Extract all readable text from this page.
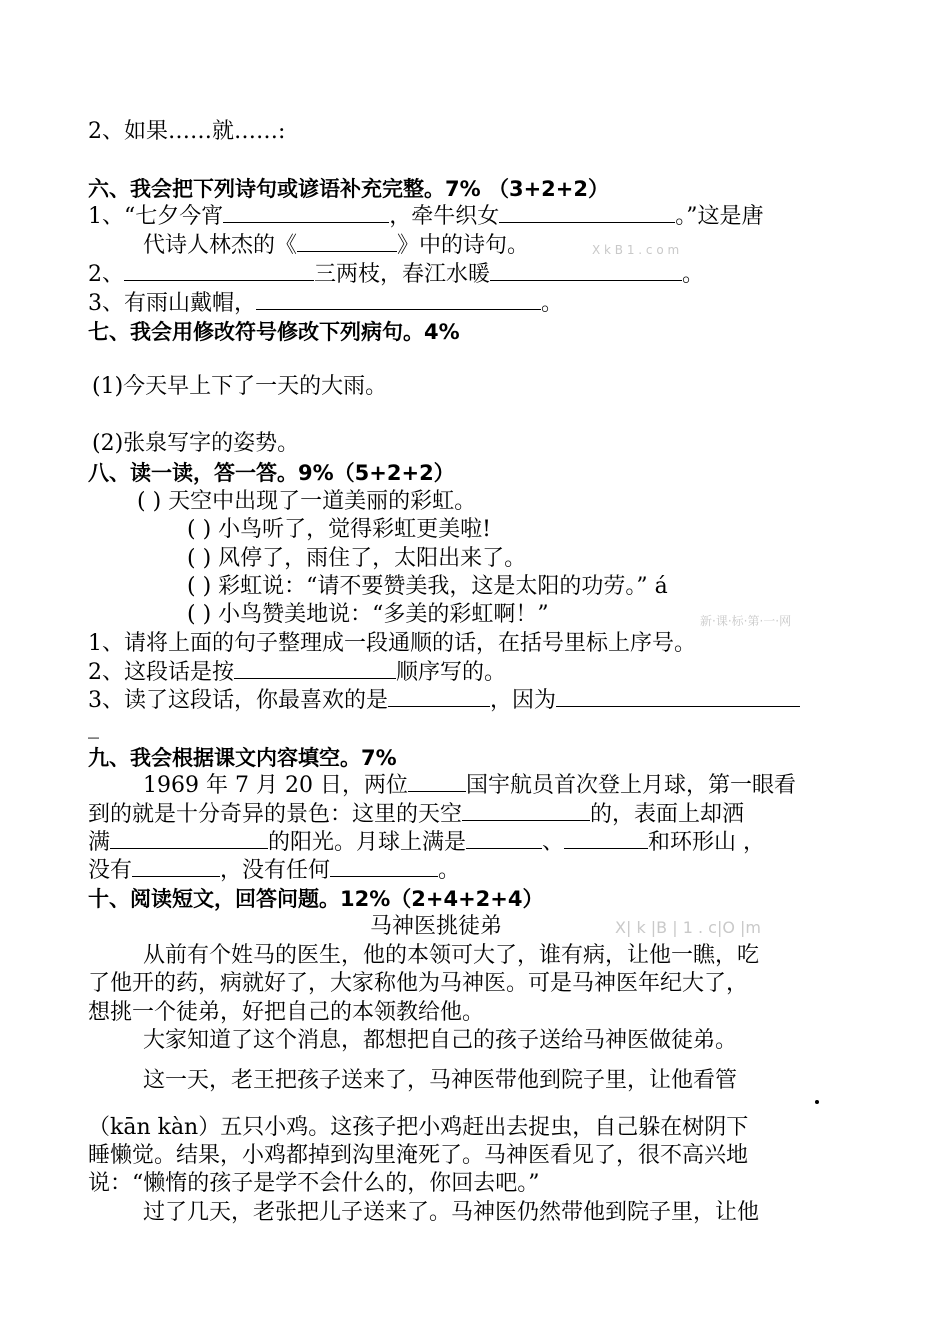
2、如果……就……:
六、我会把下列诗句或谚语补充完整。7% （3+2+2）
1、“七夕今宵	，牵牛织女	。”这是唐
代诗人林杰的《	》中的诗句。	X k B 1 . c o m
2、	三两枝，春江水暖	。
3、有雨山戴帽，	。
七、我会用修改符号修改下列病句。4%
(1)今天早上下了一天的大雨。
(2)张泉写字的姿势。
八、读一读，答一答。9%（5+2+2）
( ) 天空中出现了一道美丽的彩虹。
( ) 小鸟听了，觉得彩虹更美啦!
( ) 风停了，雨住了，太阳出来了。
( ) 彩虹说：“请不要赞美我，这是太阳的功劳。” á
( ) 小鸟赞美地说：“多美的彩虹啊！”	新·课·标·第·一·网
1、请将上面的句子整理成一段通顺的话，在括号里标上序号。
2、这段话是按	顺序写的。
3、读了这段话，你最喜欢的是	，因为
_
九、我会根据课文内容填空。7%
1969 年 7 月 20 日，两位	国宇航员首次登上月球，第一眼看
到的就是十分奇异的景色：这里的天空	的，表面上却洒
满	的阳光。月球上满是	、	和环形山 ，
没有	，没有任何	。
十、阅读短文，回答问题。12%（2+4+2+4）
马神医挑徒弟	X| k |B | 1 . c|O |m
从前有个姓马的医生，他的本领可大了，谁有病，让他一瞧，吃
了他开的药，病就好了，大家称他为马神医。可是马神医年纪大了，
想挑一个徒弟，好把自己的本领教给他。
大家知道了这个消息，都想把自己的孩子送给马神医做徒弟。
这一天，老王把孩子送来了，马神医带他到院子里，让他看管
（kān kàn）五只小鸡。这孩子把小鸡赶出去捉虫，自己躲在树阴下
睡懒觉。结果，小鸡都掉到沟里淹死了。马神医看见了，很不高兴地
说：“懒惰的孩子是学不会什么的，你回去吧。”
过了几天，老张把儿子送来了。马神医仍然带他到院子里，让他
